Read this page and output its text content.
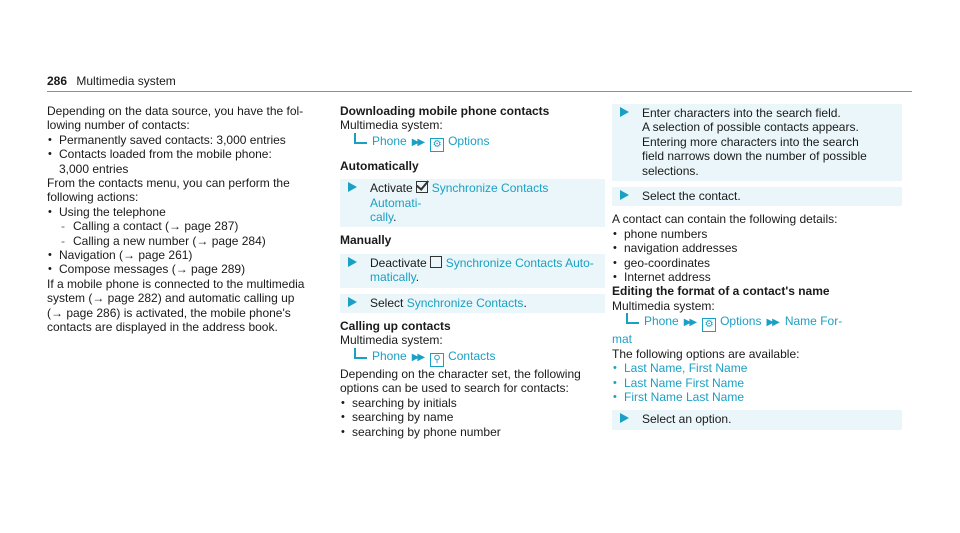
286 Multimedia system

Depending on the data source, you have the fol-
lowing number of contacts:

• Permanently saved contacts: 3,000 entries
• Contacts loaded from the mobile phone:
3,000 entries

From the contacts menu, you can perform the
following actions:

• Using the telephone
- Calling a contact (→ page 287)
- Calling a new number (→ page 284)
• Navigation (→ page 261)
• Compose messages (→ page 289)

If a mobile phone is connected to the multimedia
system (→ page 282) and automatic calling up
(→ page 286) is activated, the mobile phone's
contacts are displayed in the address book.

Downloading mobile phone contacts
Multimedia system:
Phone ▶▶ ⚙ Options
Automatically
Activate Synchronize Contacts Automati-
cally.
Manually
Deactivate Synchronize Contacts Auto-
matically.
Select Synchronize Contacts.
Calling up contacts
Multimedia system:
Phone ▶▶ ⚲ Contacts

Depending on the character set, the following
options can be used to search for contacts:

• searching by initials
• searching by name
• searching by phone number
Enter characters into the search field.
A selection of possible contacts appears.
Entering more characters into the search
field narrows down the number of possible
selections.
Select the contact.
A contact can contain the following details:
• phone numbers
• navigation addresses
• geo-coordinates
• Internet address
Editing the format of a contact's name
Multimedia system:
Phone ▶▶ ⚙ Options ▶▶ Name For-
mat
The following options are available:
• Last Name, First Name
• Last Name First Name
• First Name Last Name
Select an option.
